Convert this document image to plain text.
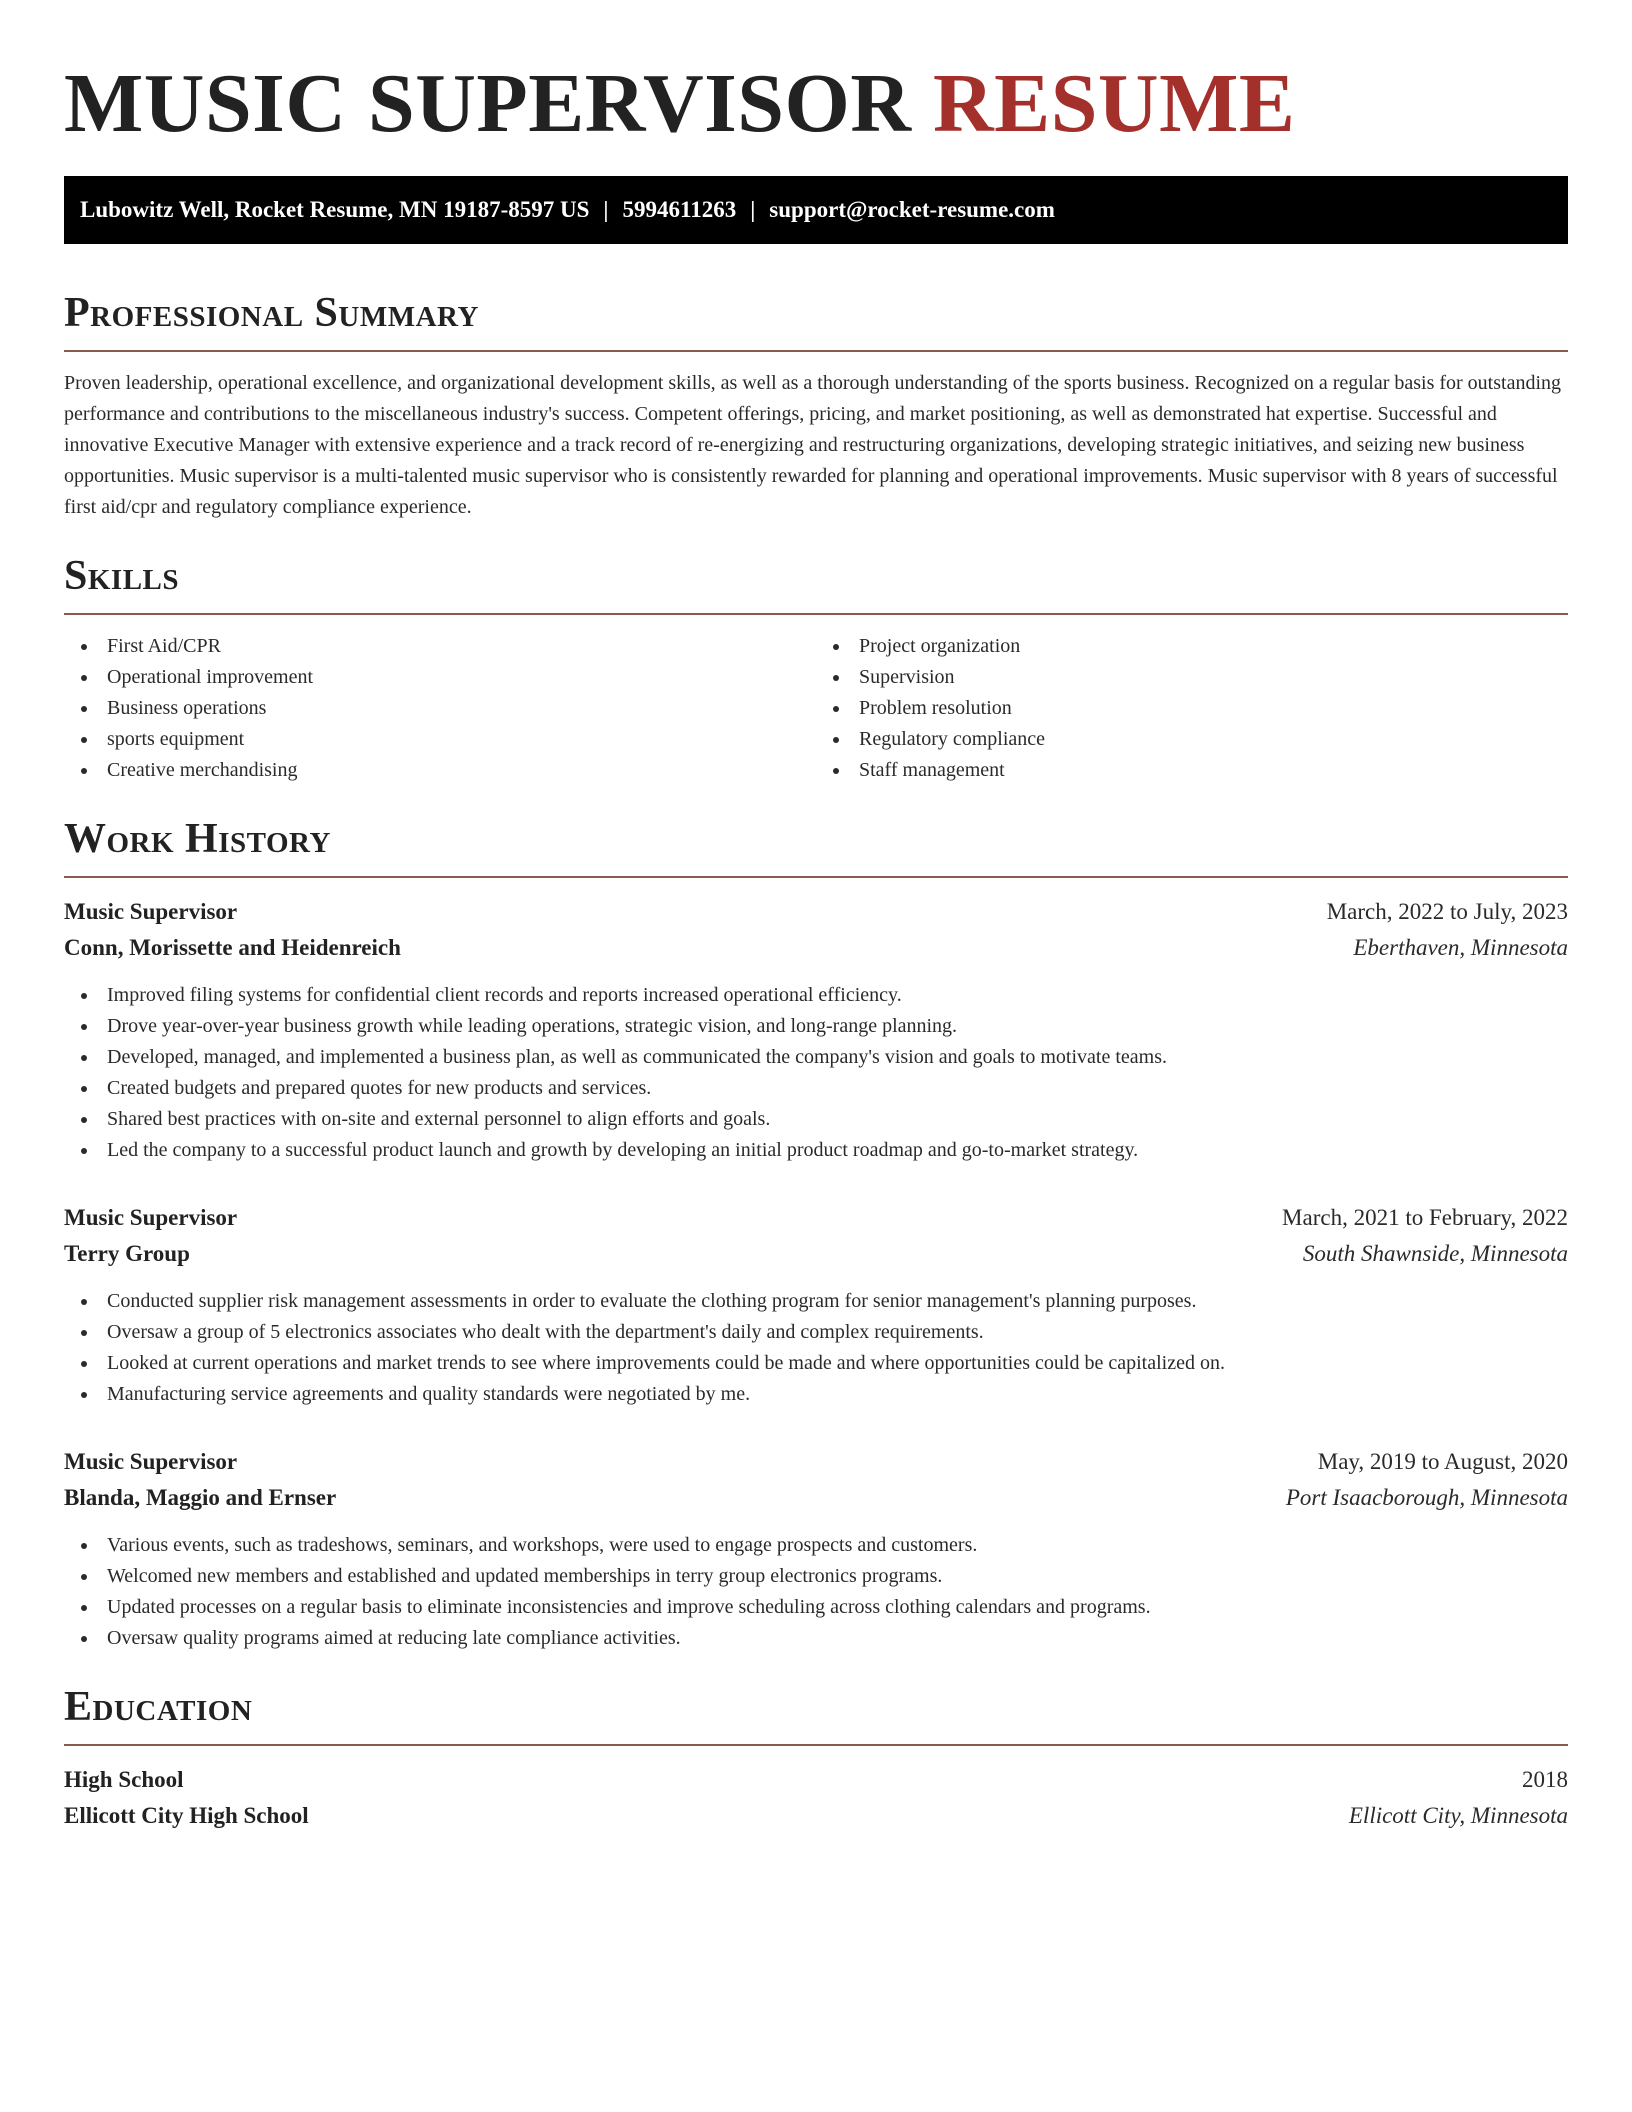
MUSIC SUPERVISOR RESUME
Lubowitz Well, Rocket Resume, MN 19187-8597 US | 5994611263 | support@rocket-resume.com
Professional Summary

Proven leadership, operational excellence, and organizational development skills, as well as a thorough understanding of the sports business. Recognized on a regular basis for outstanding performance and contributions to the miscellaneous industry's success. Competent offerings, pricing, and market positioning, as well as demonstrated hat expertise. Successful and innovative Executive Manager with extensive experience and a track record of re-energizing and restructuring organizations, developing strategic initiatives, and seizing new business opportunities. Music supervisor is a multi-talented music supervisor who is consistently rewarded for planning and operational improvements. Music supervisor with 8 years of successful first aid/cpr and regulatory compliance experience.

Skills
First Aid/CPR
Operational improvement
Business operations
sports equipment
Creative merchandising
Project organization
Supervision
Problem resolution
Regulatory compliance
Staff management
Work History
Music Supervisor	March, 2022 to July, 2023
Conn, Morissette and Heidenreich	Eberthaven, Minnesota
Improved filing systems for confidential client records and reports increased operational efficiency.
Drove year-over-year business growth while leading operations, strategic vision, and long-range planning.
Developed, managed, and implemented a business plan, as well as communicated the company's vision and goals to motivate teams.
Created budgets and prepared quotes for new products and services.
Shared best practices with on-site and external personnel to align efforts and goals.
Led the company to a successful product launch and growth by developing an initial product roadmap and go-to-market strategy.
Music Supervisor	March, 2021 to February, 2022
Terry Group	South Shawnside, Minnesota
Conducted supplier risk management assessments in order to evaluate the clothing program for senior management's planning purposes.
Oversaw a group of 5 electronics associates who dealt with the department's daily and complex requirements.
Looked at current operations and market trends to see where improvements could be made and where opportunities could be capitalized on.
Manufacturing service agreements and quality standards were negotiated by me.
Music Supervisor	May, 2019 to August, 2020
Blanda, Maggio and Ernser	Port Isaacborough, Minnesota
Various events, such as tradeshows, seminars, and workshops, were used to engage prospects and customers.
Welcomed new members and established and updated memberships in terry group electronics programs.
Updated processes on a regular basis to eliminate inconsistencies and improve scheduling across clothing calendars and programs.
Oversaw quality programs aimed at reducing late compliance activities.
Education
High School	2018
Ellicott City High School	Ellicott City, Minnesota
